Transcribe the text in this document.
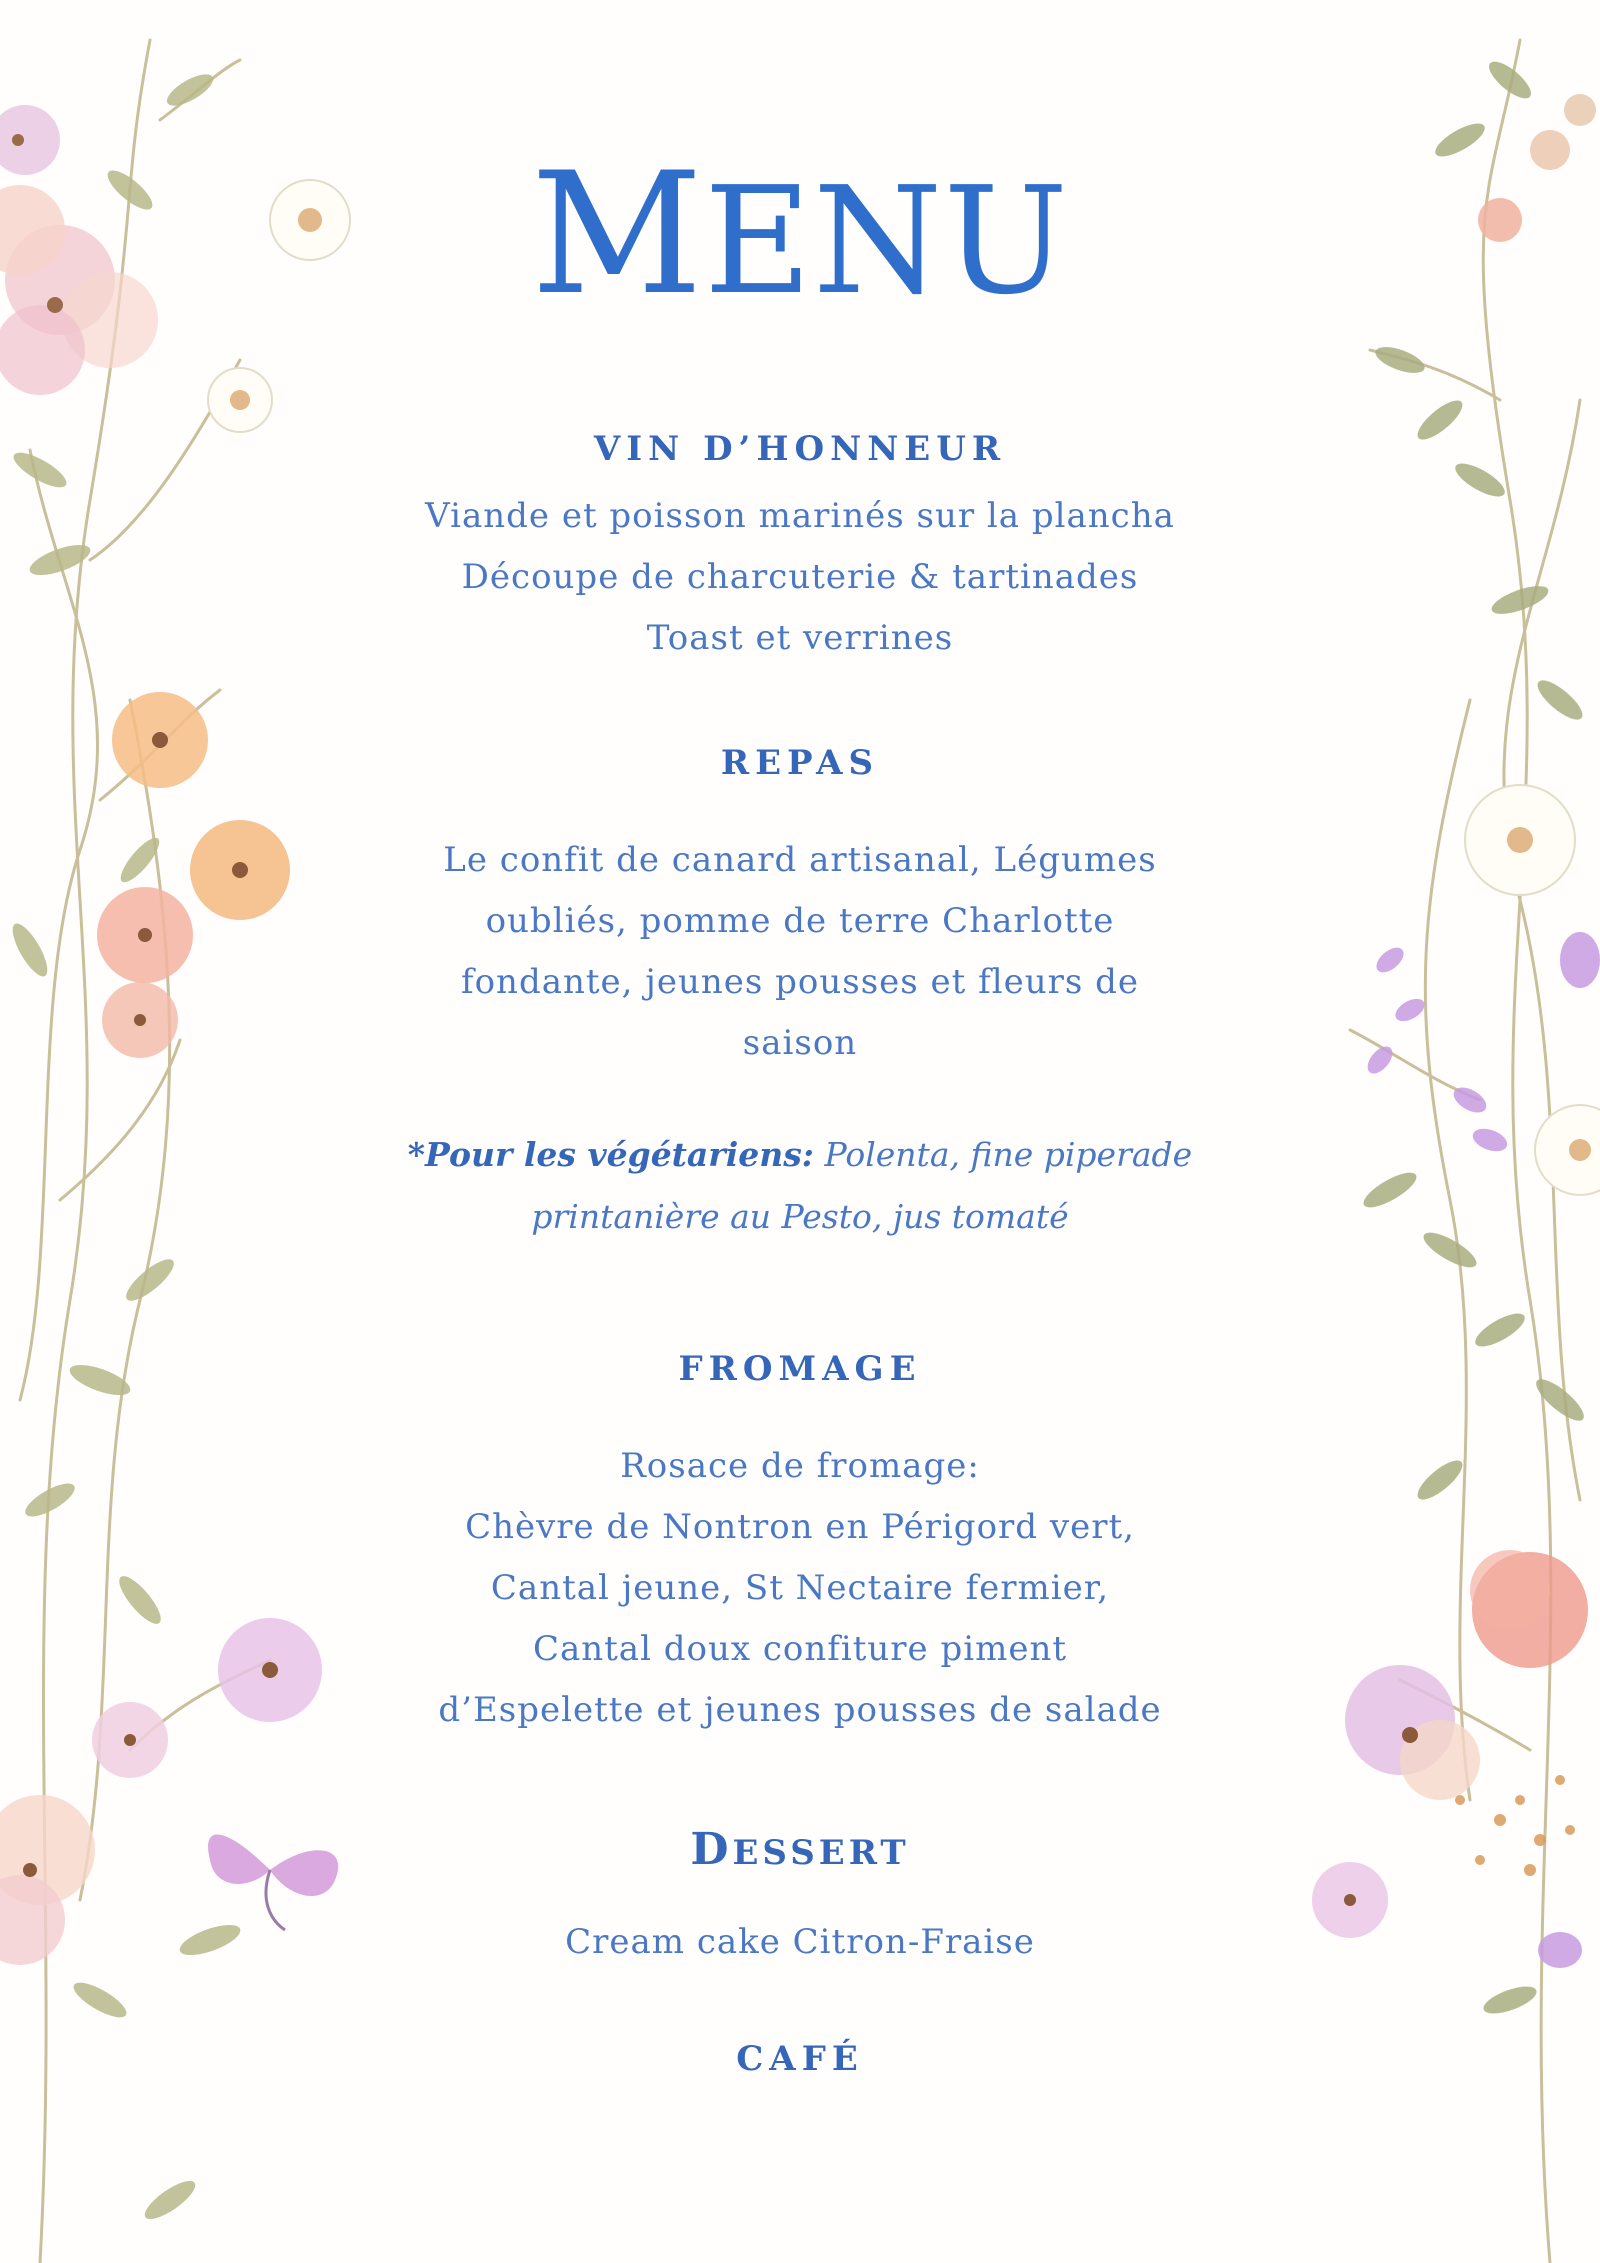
MENU
VIN D’HONNEUR
Viande et poisson marinés sur la plancha
Découpe de charcuterie & tartinades
Toast et verrines
REPAS
Le confit de canard artisanal, Légumes
oubliés, pomme de terre Charlotte
fondante, jeunes pousses et fleurs de
saison
*Pour les végétariens: Polenta, fine piperade
printanière au Pesto, jus tomaté
FROMAGE
Rosace de fromage:
Chèvre de Nontron en Périgord vert,
Cantal jeune, St Nectaire fermier,
Cantal doux confiture piment
d’Espelette et jeunes pousses de salade
DESSERT
Cream cake Citron-Fraise
CAFÉ
